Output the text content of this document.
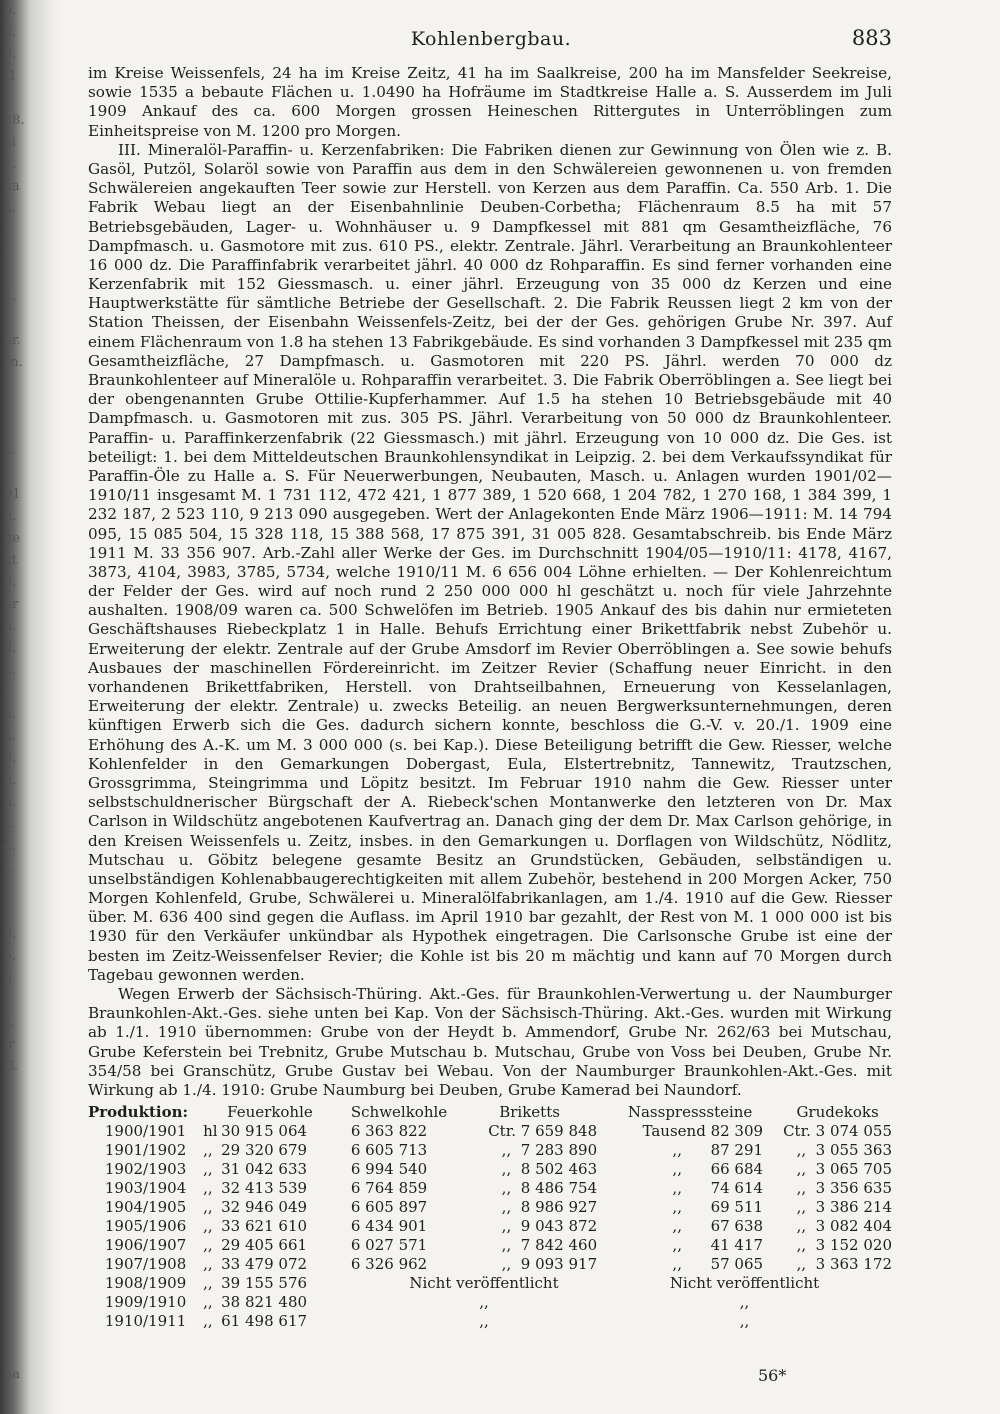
0.
li.
9.
-1

28.
ei
1.
ka
a.
i
c

1.

or.
rn.

s.

01
u.
ge
kt
u.
or
n.
d.
e.
i.
a.
a.
d.
n.
n.
s.
e.
t.

n.
o.
il

s.
ir
G.

ha
Kohlenbergbau.	883

im Kreise Weissenfels, 24 ha im Kreise Zeitz, 41 ha im Saalkreise, 200 ha im Mansfelder Seekreise, sowie 1535 a bebaute Flächen u. 1.0490 ha Hofräume im Stadtkreise Halle a. S. Ausserdem im Juli 1909 Ankauf des ca. 600 Morgen grossen Heineschen Rittergutes in Unterröblingen zum Einheitspreise von M. 1200 pro Morgen.

III. Mineralöl-Paraffin- u. Kerzenfabriken: Die Fabriken dienen zur Gewinnung von Ölen wie z. B. Gasöl, Putzöl, Solaröl sowie von Paraffin aus dem in den Schwälereien gewonnenen u. von fremden Schwälereien angekauften Teer sowie zur Herstell. von Kerzen aus dem Paraffin. Ca. 550 Arb. 1. Die Fabrik Webau liegt an der Eisenbahnlinie Deuben-Corbetha; Flächenraum 8.5 ha mit 57 Betriebsgebäuden, Lager- u. Wohnhäuser u. 9 Dampfkessel mit 881 qm Gesamtheizfläche, 76 Dampfmasch. u. Gasmotore mit zus. 610 PS., elektr. Zentrale. Jährl. Verarbeitung an Braunkohlenteer 16 000 dz. Die Paraffinfabrik verarbeitet jährl. 40 000 dz Rohparaffin. Es sind ferner vorhanden eine Kerzenfabrik mit 152 Giessmasch. u. einer jährl. Erzeugung von 35 000 dz Kerzen und eine Hauptwerkstätte für sämtliche Betriebe der Gesellschaft. 2. Die Fabrik Reussen liegt 2 km von der Station Theissen, der Eisenbahn Weissenfels-Zeitz, bei der der Ges. gehörigen Grube Nr. 397. Auf einem Flächenraum von 1.8 ha stehen 13 Fabrikgebäude. Es sind vorhanden 3 Dampfkessel mit 235 qm Gesamtheizfläche, 27 Dampfmasch. u. Gasmotoren mit 220 PS. Jährl. werden 70 000 dz Braunkohlenteer auf Mineralöle u. Rohparaffin verarbeitet. 3. Die Fabrik Oberröblingen a. See liegt bei der obengenannten Grube Ottilie-Kupferhammer. Auf 1.5 ha stehen 10 Betriebsgebäude mit 40 Dampfmasch. u. Gasmotoren mit zus. 305 PS. Jährl. Verarbeitung von 50 000 dz Braunkohlenteer. Paraffin- u. Paraffinkerzenfabrik (22 Giessmasch.) mit jährl. Erzeugung von 10 000 dz. Die Ges. ist beteiligt: 1. bei dem Mitteldeutschen Braunkohlensyndikat in Leipzig. 2. bei dem Verkaufssyndikat für Paraffin-Öle zu Halle a. S. Für Neuerwerbungen, Neubauten, Masch. u. Anlagen wurden 1901/02—1910/11 insgesamt M. 1 731 112, 472 421, 1 877 389, 1 520 668, 1 204 782, 1 270 168, 1 384 399, 1 232 187, 2 523 110, 9 213 090 ausgegeben. Wert der Anlagekonten Ende März 1906—1911: M. 14 794 095, 15 085 504, 15 328 118, 15 388 568, 17 875 391, 31 005 828. Gesamtabschreib. bis Ende März 1911 M. 33 356 907. Arb.-Zahl aller Werke der Ges. im Durchschnitt 1904/05—1910/11: 4178, 4167, 3873, 4104, 3983, 3785, 5734, welche 1910/11 M. 6 656 004 Löhne erhielten. — Der Kohlenreichtum der Felder der Ges. wird auf noch rund 2 250 000 000 hl geschätzt u. noch für viele Jahrzehnte aushalten. 1908/09 waren ca. 500 Schwelöfen im Betrieb. 1905 Ankauf des bis dahin nur ermieteten Geschäftshauses Riebeckplatz 1 in Halle. Behufs Errichtung einer Brikettfabrik nebst Zubehör u. Erweiterung der elektr. Zentrale auf der Grube Amsdorf im Revier Oberröblingen a. See sowie behufs Ausbaues der maschinellen Fördereinricht. im Zeitzer Revier (Schaffung neuer Einricht. in den vorhandenen Brikettfabriken, Herstell. von Drahtseilbahnen, Erneuerung von Kesselanlagen, Erweiterung der elektr. Zentrale) u. zwecks Beteilig. an neuen Bergwerksunternehmungen, deren künftigen Erwerb sich die Ges. dadurch sichern konnte, beschloss die G.-V. v. 20./1. 1909 eine Erhöhung des A.-K. um M. 3 000 000 (s. bei Kap.). Diese Beteiligung betrifft die Gew. Riesser, welche Kohlenfelder in den Gemarkungen Dobergast, Eula, Elstertrebnitz, Tannewitz, Trautzschen, Grossgrimma, Steingrimma und Löpitz besitzt. Im Februar 1910 nahm die Gew. Riesser unter selbstschuldnerischer Bürgschaft der A. Riebeck'schen Montanwerke den letzteren von Dr. Max Carlson in Wildschütz angebotenen Kaufvertrag an. Danach ging der dem Dr. Max Carlson gehörige, in den Kreisen Weissenfels u. Zeitz, insbes. in den Gemarkungen u. Dorflagen von Wildschütz, Nödlitz, Mutschau u. Göbitz belegene gesamte Besitz an Grundstücken, Gebäuden, selbständigen u. unselbständigen Kohlenabbaugerechtigkeiten mit allem Zubehör, bestehend in 200 Morgen Acker, 750 Morgen Kohlenfeld, Grube, Schwälerei u. Mineralölfabrikanlagen, am 1./4. 1910 auf die Gew. Riesser über. M. 636 400 sind gegen die Auflass. im April 1910 bar gezahlt, der Rest von M. 1 000 000 ist bis 1930 für den Verkäufer unkündbar als Hypothek eingetragen. Die Carlsonsche Grube ist eine der besten im Zeitz-Weissenfelser Revier; die Kohle ist bis 20 m mächtig und kann auf 70 Morgen durch Tagebau gewonnen werden.

Wegen Erwerb der Sächsisch-Thüring. Akt.-Ges. für Braunkohlen-Verwertung u. der Naumburger Braunkohlen-Akt.-Ges. siehe unten bei Kap. Von der Sächsisch-Thüring. Akt.-Ges. wurden mit Wirkung ab 1./1. 1910 übernommen: Grube von der Heydt b. Ammendorf, Grube Nr. 262/63 bei Mutschau, Grube Keferstein bei Trebnitz, Grube Mutschau b. Mutschau, Grube von Voss bei Deuben, Grube Nr. 354/58 bei Granschütz, Grube Gustav bei Webau. Von der Naumburger Braunkohlen-Akt.-Ges. mit Wirkung ab 1./4. 1910: Grube Naumburg bei Deuben, Grube Kamerad bei Naundorf.

Produktion:	Feuerkohle	Schwelkohle	Briketts	Nasspresssteine	Grudekoks
1900/1901	hl 30 915 064	6 363 822	Ctr. 7 659 848	Tausend 82 309	Ctr. 3 074 055
1901/1902	,, 29 320 679	6 605 713	,, 7 283 890	,, 87 291	,, 3 055 363
1902/1903	,, 31 042 633	6 994 540	,, 8 502 463	,, 66 684	,, 3 065 705
1903/1904	,, 32 413 539	6 764 859	,, 8 486 754	,, 74 614	,, 3 356 635
1904/1905	,, 32 946 049	6 605 897	,, 8 986 927	,, 69 511	,, 3 386 214
1905/1906	,, 33 621 610	6 434 901	,, 9 043 872	,, 67 638	,, 3 082 404
1906/1907	,, 29 405 661	6 027 571	,, 7 842 460	,, 41 417	,, 3 152 020
1907/1908	,, 33 479 072	6 326 962	,, 9 093 917	,, 57 065	,, 3 363 172
1908/1909	,, 39 155 576	Nicht veröffentlicht		Nicht veröffentlicht	
1909/1910	,, 38 821 480	,,		,,	
1910/1911	,, 61 498 617	,,		,,	
56*
